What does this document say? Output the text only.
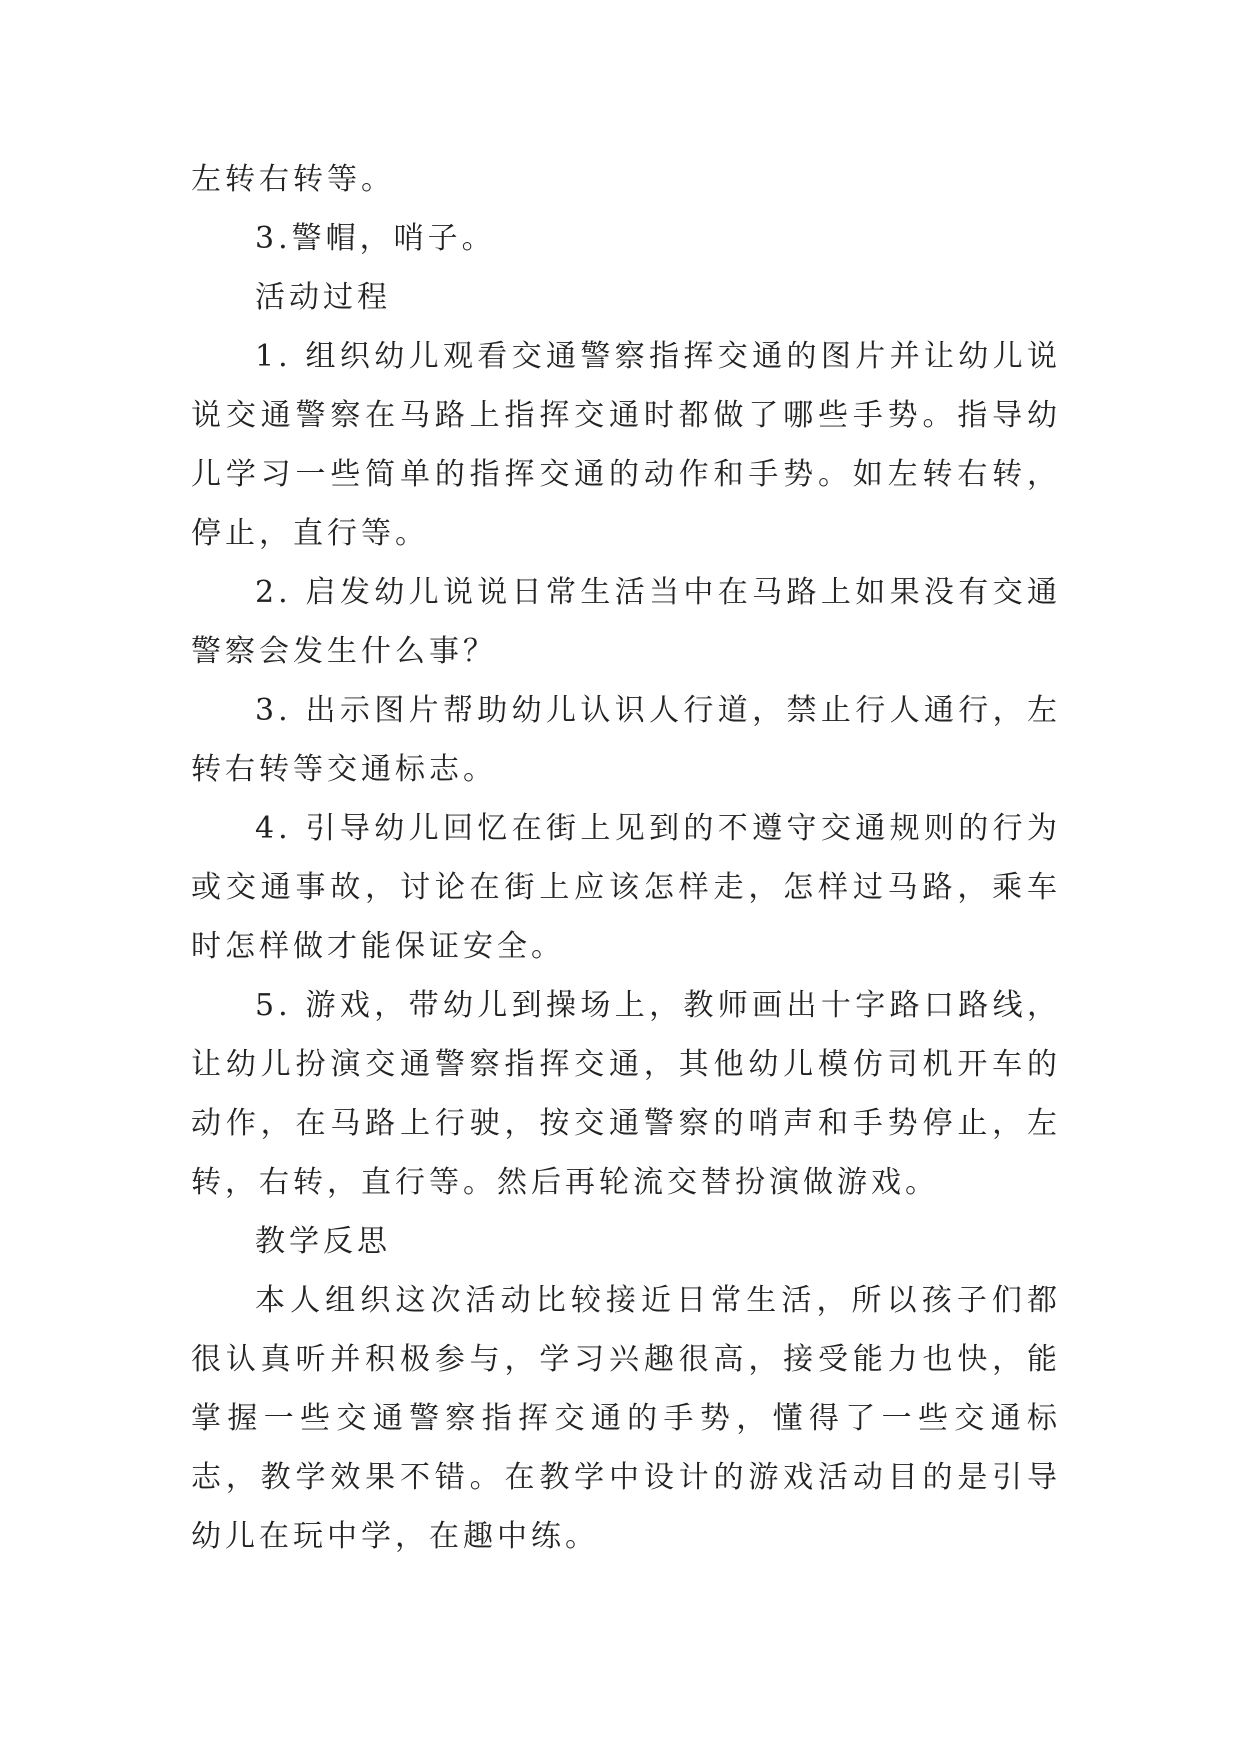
左转右转等。

3.警帽，哨子。

活动过程

1. 组织幼儿观看交通警察指挥交通的图片并让幼儿说说交通警察在马路上指挥交通时都做了哪些手势。指导幼儿学习一些简单的指挥交通的动作和手势。如左转右转，停止，直行等。

2. 启发幼儿说说日常生活当中在马路上如果没有交通警察会发生什么事？

3. 出示图片帮助幼儿认识人行道，禁止行人通行，左转右转等交通标志。

4. 引导幼儿回忆在街上见到的不遵守交通规则的行为或交通事故，讨论在街上应该怎样走，怎样过马路，乘车时怎样做才能保证安全。

5. 游戏，带幼儿到操场上，教师画出十字路口路线，让幼儿扮演交通警察指挥交通，其他幼儿模仿司机开车的动作，在马路上行驶，按交通警察的哨声和手势停止，左转，右转，直行等。然后再轮流交替扮演做游戏。

教学反思

本人组织这次活动比较接近日常生活，所以孩子们都很认真听并积极参与，学习兴趣很高，接受能力也快，能掌握一些交通警察指挥交通的手势，懂得了一些交通标志，教学效果不错。在教学中设计的游戏活动目的是引导幼儿在玩中学，在趣中练。
